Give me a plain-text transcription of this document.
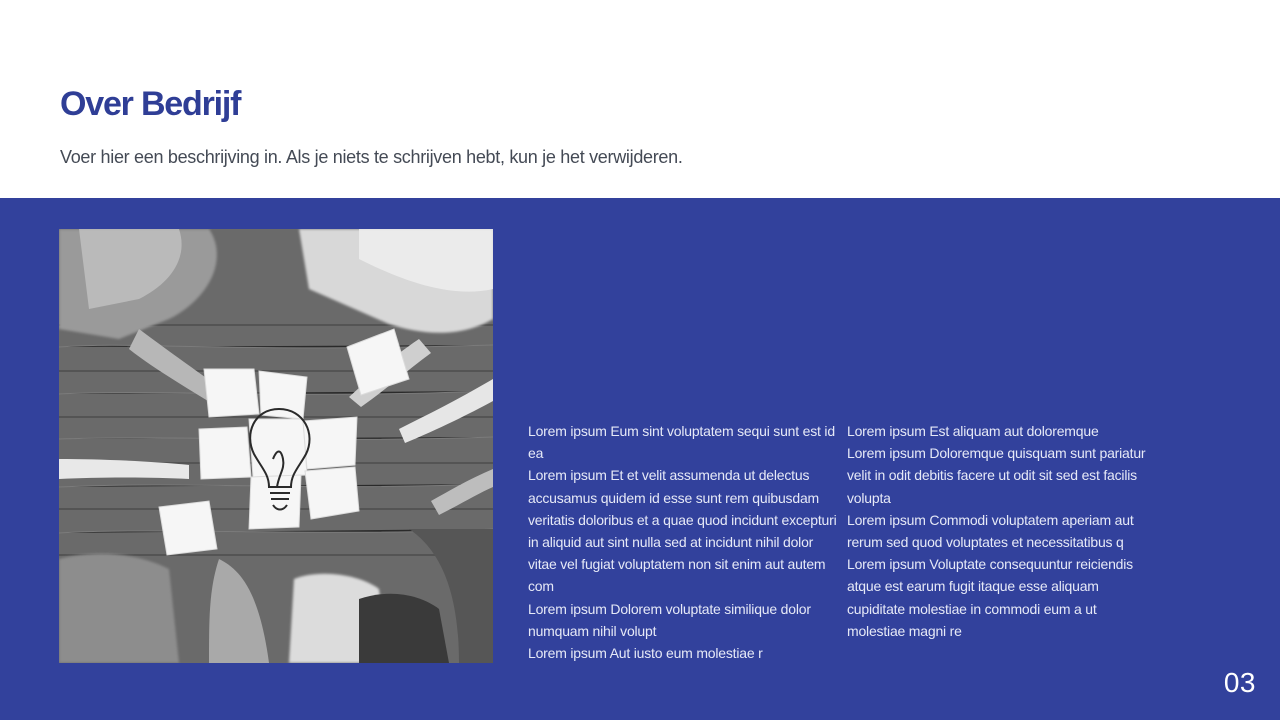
Over Bedrijf

Voer hier een beschrijving in. Als je niets te schrijven hebt, kun je het verwijderen.

Lorem ipsum Eum sint voluptatem sequi sunt est id ea

Lorem ipsum Et et velit assumenda ut delectus accusamus quidem id esse sunt rem quibusdam veritatis doloribus et a quae quod incidunt excepturi in aliquid aut sint nulla sed at incidunt nihil dolor vitae vel fugiat voluptatem non sit enim aut autem com

Lorem ipsum Dolorem voluptate similique dolor numquam nihil volupt

Lorem ipsum Aut iusto eum molestiae r

Lorem ipsum Est aliquam aut doloremque

Lorem ipsum Doloremque quisquam sunt pariatur velit in odit debitis facere ut odit sit sed est facilis volupta

Lorem ipsum Commodi voluptatem aperiam aut rerum sed quod voluptates et necessitatibus q

Lorem ipsum Voluptate consequuntur reiciendis atque est earum fugit itaque esse aliquam cupiditate molestiae in commodi eum a ut molestiae magni re

03
